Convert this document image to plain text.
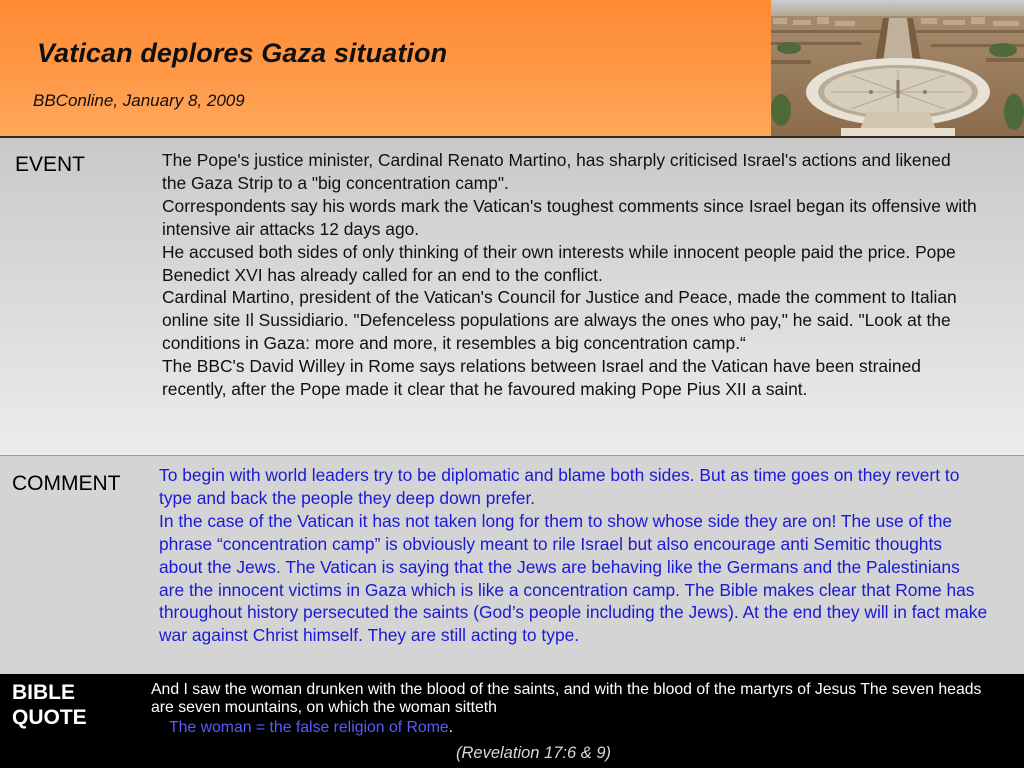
Vatican deplores Gaza situation
BBConline, January 8, 2009
EVENT	The Pope's justice minister, Cardinal Renato Martino, has sharply criticised Israel's actions and likened the Gaza Strip to a "big concentration camp".

Correspondents say his words mark the Vatican's toughest comments since Israel began its offensive with intensive air attacks 12 days ago.

He accused both sides of only thinking of their own interests while innocent people paid the price. Pope Benedict XVI has already called for an end to the conflict.

Cardinal Martino, president of the Vatican's Council for Justice and Peace, made the comment to Italian online site Il Sussidiario. "Defenceless populations are always the ones who pay," he said. "Look at the conditions in Gaza: more and more, it resembles a big concentration camp.“

The BBC's David Willey in Rome says relations between Israel and the Vatican have been strained recently, after the Pope made it clear that he favoured making Pope Pius XII a saint.

COMMENT To begin with world leaders try to be diplomatic and blame both sides. But as time goes on they revert to type and back the people they deep down prefer.

In the case of the Vatican it has not taken long for them to show whose side they are on! The use of the phrase “concentration camp” is obviously meant to rile Israel but also encourage anti Semitic thoughts about the Jews. The Vatican is saying that the Jews are behaving like the Germans and the Palestinians are the innocent victims in Gaza which is like a concentration camp. The Bible makes clear that Rome has throughout history persecuted the saints (God’s people including the Jews). At the end they will in fact make war against Christ himself. They are still acting to type.

BIBLE
QUOTE
And I saw the woman drunken with the blood of the saints, and with the blood of the martyrs of Jesus The seven heads are seven mountains, on which the woman sitteth
The woman = the false religion of Rome.
(Revelation 17:6 & 9)
